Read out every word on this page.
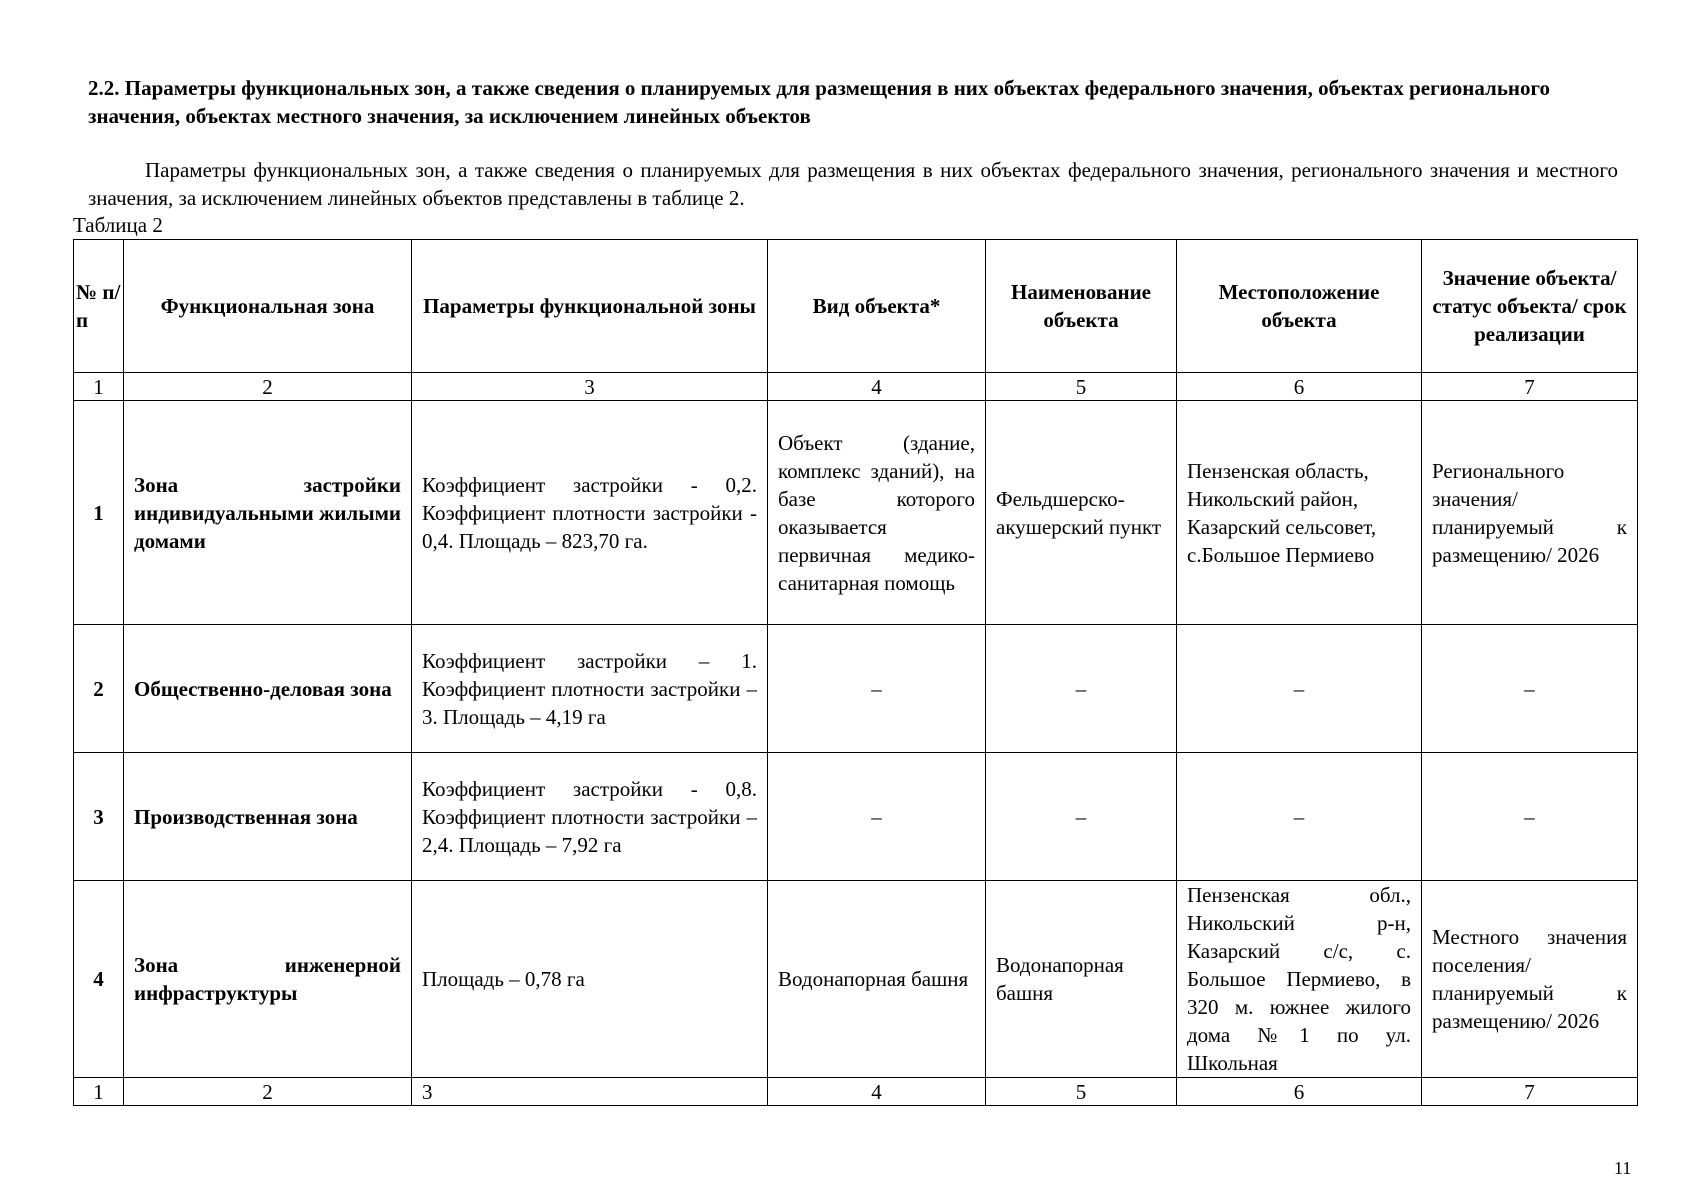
2.2. Параметры функциональных зон, а также сведения о планируемых для размещения в них объектах федерального значения, объектах регионального значения, объектах местного значения, за исключением линейных объектов

Параметры функциональных зон, а также сведения о планируемых для размещения в них объектах федерального значения, регионального значения и местного значения, за исключением линейных объектов представлены в таблице 2.

Таблица 2
№ п/п	Функциональная зона	Параметры функциональной зоны	Вид объекта*	Наименование объекта	Местоположение объекта	Значение объекта/ статус объекта/ срок реализации
1	2	3	4	5	6	7
1	Зона застройки индивидуальными жилыми домами	Коэффициент застройки - 0,2. Коэффициент плотности застройки - 0,4. Площадь – 823,70 га.	Объект (здание, комплекс зданий), на базе которого оказывается первичная медико-санитарная помощь	Фельдшерско-акушерский пункт	Пензенская область, Никольский район, Казарский сельсовет, с.Большое Пермиево	Регионального значения/ планируемый к размещению/ 2026
2	Общественно-деловая зона	Коэффициент застройки – 1. Коэффициент плотности застройки – 3. Площадь – 4,19 га	–	–	–	–
3	Производственная зона	Коэффициент застройки - 0,8. Коэффициент плотности застройки – 2,4. Площадь – 7,92 га	–	–	–	–
4	Зона инженерной инфраструктуры	Площадь – 0,78 га	Водонапорная башня	Водонапорная башня	Пензенская обл., Никольский р-н, Казарский с/с, с. Большое Пермиево, в 320 м. южнее жилого дома №1 по ул. Школьная	Местного значения поселения/ планируемый к размещению/ 2026
1	2	3	4	5	6	7
11
